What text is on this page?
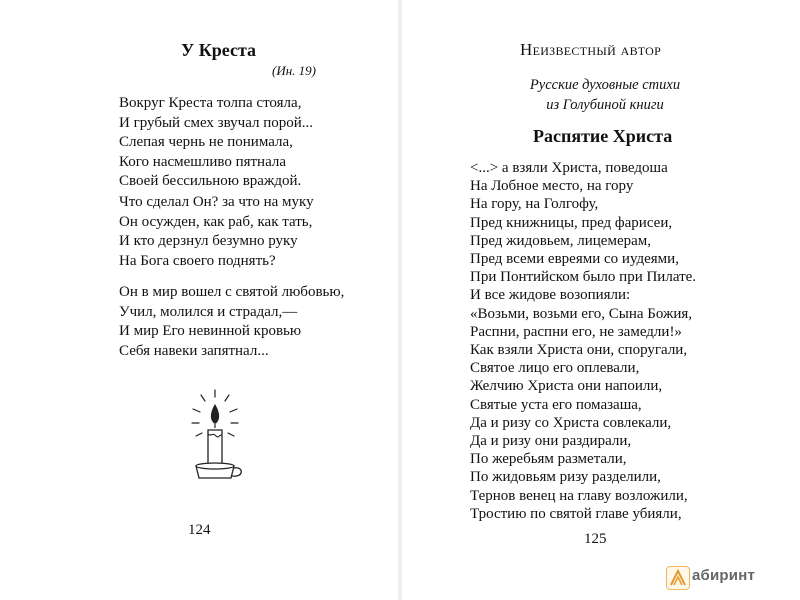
У Креста
(Ин. 19)
Вокруг Креста толпа стояла,
И грубый смех звучал порой...
Слепая чернь не понимала,
Кого насмешливо пятнала
Своей бессильною враждой.
Что сделал Он? за что на муку
Он осужден, как раб, как тать,
И кто дерзнул безумно руку
На Бога своего поднять?
Он в мир вошел с святой любовью,
Учил, молился и страдал,—
И мир Его невинной кровью
Себя навеки запятнал...
124
Неизвестный автор
Русские духовные стихи
из Голубиной книги
Распятие Христа
<...> а взяли Христа, поведоша
На Лобное место, на гору
На гору, на Голгофу,
Пред книжницы, пред фарисеи,
Пред жидовьем, лицемерам,
Пред всеми евреями со иудеями,
При Понтийском было при Пилате.
И все жидове возопияли:
«Возьми, возьми его, Сына Божия,
Распни, распни его, не замедли!»
Как взяли Христа они, споругали,
Святое лицо его оплевали,
Желчию Христа они напоили,
Святые уста его помазаша,
Да и ризу со Христа совлекали,
Да и ризу они раздирали,
По жеребьям разметали,
По жидовьям ризу разделили,
Тернов венец на главу возложили,
Тростию по святой главе убияли,
125
абиринт
